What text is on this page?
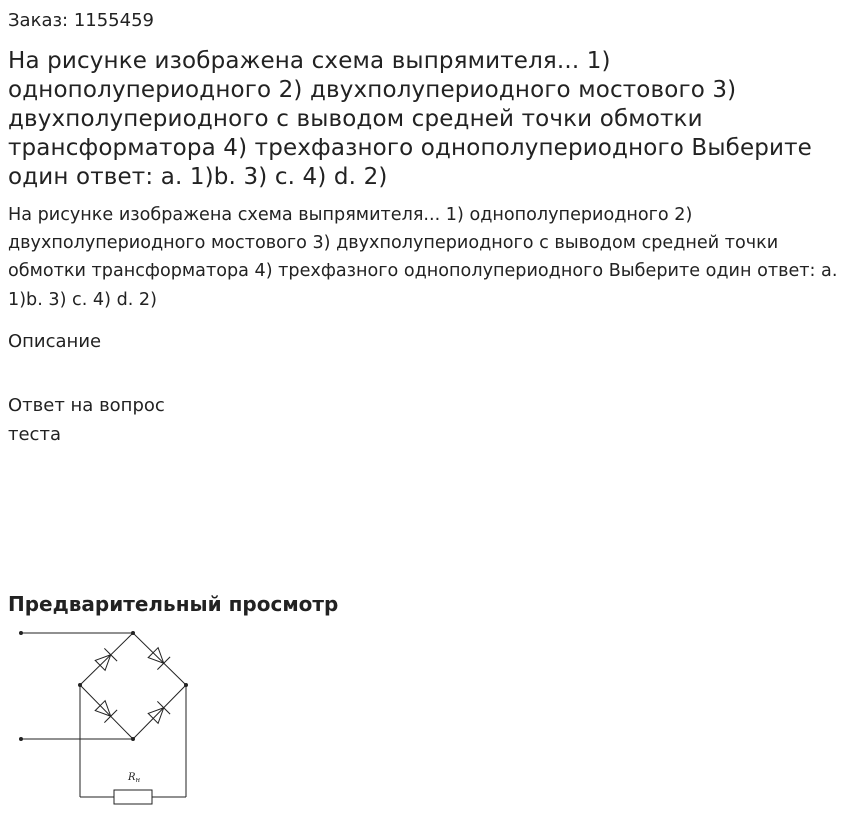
Заказ: 1155459
На рисунке изображена схема выпрямителя... 1) однополупериодного 2) двухполупериодного мостового 3) двухполупериодного с выводом средней точки обмотки трансформатора 4) трехфазного однополупериодного Выберите один ответ: a. 1)b. 3) c. 4) d. 2)

На рисунке изображена схема выпрямителя... 1) однополупериодного 2) двухполупериодного мостового 3) двухполупериодного с выводом средней точки обмотки трансформатора 4) трехфазного однополупериодного Выберите один ответ: a. 1)b. 3) c. 4) d. 2)

Описание
Ответ на вопрос теста
Предварительный просмотр
$R_н$
